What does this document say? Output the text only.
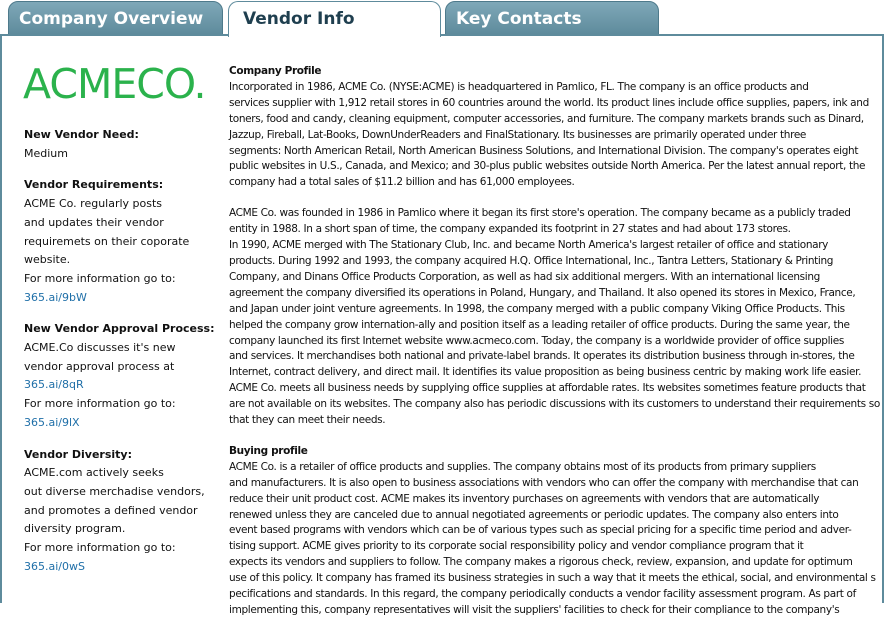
Company Overview	Vendor Info	Key Contacts
ACMECO.
New Vendor Need:
Medium
Vendor Requirements:
ACME Co. regularly posts
and updates their vendor
requiremets on their coporate
website.
For more information go to:
365.ai/9bW
New Vendor Approval Process:
ACME.Co discusses it's new
vendor approval process at
365.ai/8qR
For more information go to:
365.ai/9lX
Vendor Diversity:
ACME.com actively seeks
out diverse merchadise vendors,
and promotes a defined vendor
diversity program.
For more information go to:
365.ai/0wS
Company Profile
Incorporated in 1986, ACME Co. (NYSE:ACME) is headquartered in Pamlico, FL. The company is an office products and
services supplier with 1,912 retail stores in 60 countries around the world. Its product lines include office supplies, papers, ink and
toners, food and candy, cleaning equipment, computer accessories, and furniture. The company markets brands such as Dinard,
Jazzup, Fireball, Lat-Books, DownUnderReaders and FinalStationary. Its businesses are primarily operated under three
segments: North American Retail, North American Business Solutions, and International Division. The company's operates eight
public websites in U.S., Canada, and Mexico; and 30-plus public websites outside North America. Per the latest annual report, the
company had a total sales of $11.2 billion and has 61,000 employees.
ACME Co. was founded in 1986 in Pamlico where it began its first store's operation. The company became as a publicly traded
entity in 1988. In a short span of time, the company expanded its footprint in 27 states and had about 173 stores.
In 1990, ACME merged with The Stationary Club, Inc. and became North America's largest retailer of office and stationary
products. During 1992 and 1993, the company acquired H.Q. Office International, Inc., Tantra Letters, Stationary & Printing
Company, and Dinans Office Products Corporation, as well as had six additional mergers. With an international licensing
agreement the company diversified its operations in Poland, Hungary, and Thailand. It also opened its stores in Mexico, France,
and Japan under joint venture agreements. In 1998, the company merged with a public company Viking Office Products. This
helped the company grow internation-ally and position itself as a leading retailer of office products. During the same year, the
company launched its first Internet website www.acmeco.com. Today, the company is a worldwide provider of office supplies
and services. It merchandises both national and private-label brands. It operates its distribution business through in-stores, the
Internet, contract delivery, and direct mail. It identifies its value proposition as being business centric by making work life easier.
ACME Co. meets all business needs by supplying office supplies at affordable rates. Its websites sometimes feature products that
are not available on its websites. The company also has periodic discussions with its customers to understand their requirements so
that they can meet their needs.
Buying profile
ACME Co. is a retailer of office products and supplies. The company obtains most of its products from primary suppliers
and manufacturers. It is also open to business associations with vendors who can offer the company with merchandise that can
reduce their unit product cost. ACME makes its inventory purchases on agreements with vendors that are automatically
renewed unless they are canceled due to annual negotiated agreements or periodic updates. The company also enters into
event based programs with vendors which can be of various types such as special pricing for a specific time period and adver-
tising support. ACME gives priority to its corporate social responsibility policy and vendor compliance program that it
expects its vendors and suppliers to follow. The company makes a rigorous check, review, expansion, and update for optimum
use of this policy. It company has framed its business strategies in such a way that it meets the ethical, social, and environmental s
pecifications and standards. In this regard, the company periodically conducts a vendor facility assessment program. As part of
implementing this, company representatives will visit the suppliers' facilities to check for their compliance to the company's
